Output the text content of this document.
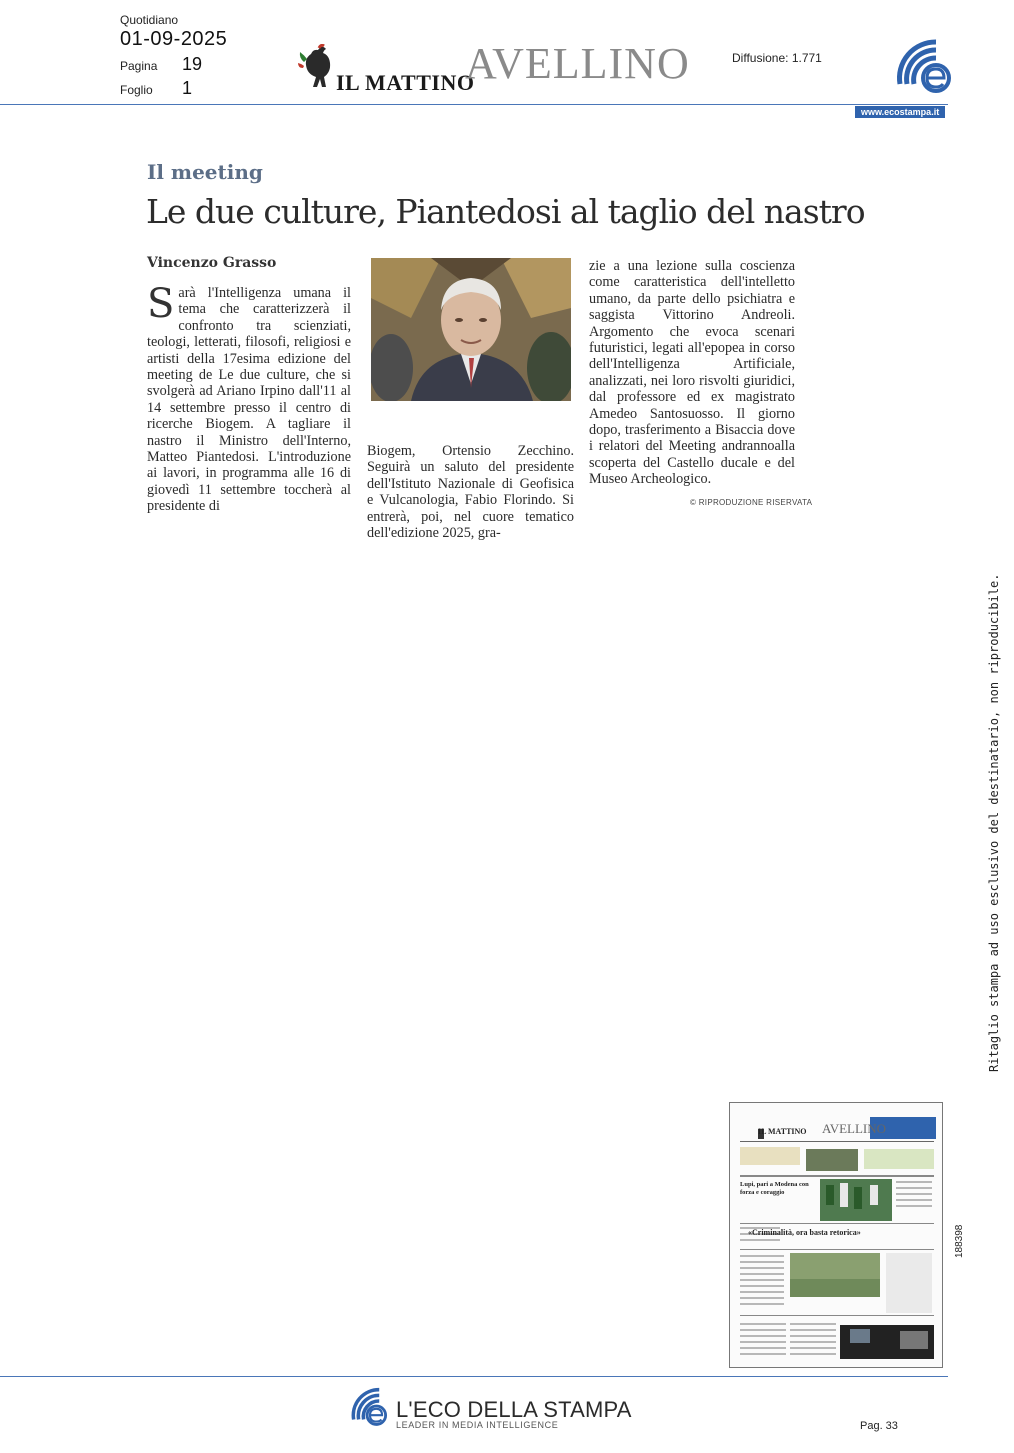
Quotidiano
01-09-2025
Pagina 19
Foglio 1	IL MATTINO
AVELLINO	Diffusione: 1.771
www.ecostampa.it
Il meeting
Le due culture, Piantedosi al taglio del nastro
Vincenzo Grasso
Sarà l'Intelligenza umana il tema che caratterizzerà il confronto tra scienziati, teologi, letterati, filosofi, religiosi e artisti della 17esima edizione del meeting de Le due culture, che si svolgerà ad Ariano Irpino dall'11 al 14 settembre presso il centro di ricerche Biogem. A tagliare il nastro il Ministro dell'Interno, Matteo Piantedosi. L'introduzione ai lavori, in programma alle 16 di giovedì 11 settembre toccherà al presidente di
Biogem, Ortensio Zecchino. Seguirà un saluto del presidente dell'Istituto Nazionale di Geofisica e Vulcanologia, Fabio Florindo. Si entrerà, poi, nel cuore tematico dell'edizione 2025, gra-
zie a una lezione sulla coscienza come caratteristica dell'intelletto umano, da parte dello psichiatra e saggista Vittorino Andreoli. Argomento che evoca scenari futuristici, legati all'epopea in corso dell'Intelligenza Artificiale, analizzati, nei loro risvolti giuridici, dal professore ed ex magistrato Amedeo Santosuosso. Il giorno dopo, trasferimento a Bisaccia dove i relatori del Meeting andrannoalla scoperta del Castello ducale e del Museo Archeologico.
© RIPRODUZIONE RISERVATA
Ritaglio stampa ad uso esclusivo del destinatario, non riproducibile.
188398
IL MATTINO AVELLINO
Lupi, pari a Modena con forza e coraggio
«Criminalità, ora basta retorica»
L'ECO DELLA STAMPA
LEADER IN MEDIA INTELLIGENCE	Pag. 33
